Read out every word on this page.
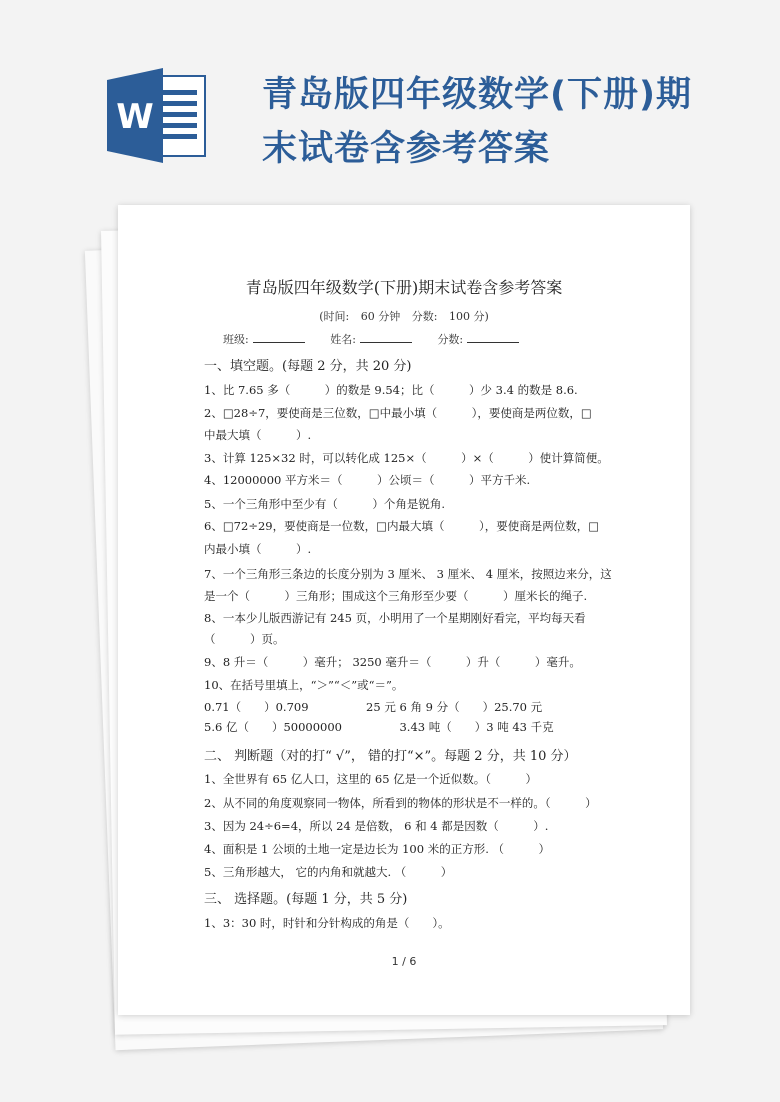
W
青岛版四年级数学(下册)期
末试卷含参考答案
青岛版四年级数学(下册)期末试卷含参考答案
(时间: 60 分钟 分数: 100 分)
班级:	姓名:	分数:
一、填空题。(每题 2 分，共 20 分)
1、比 7.65 多（　　　）的数是 9.54；比（　　　）少 3.4 的数是 8.6.
2、□28÷7，要使商是三位数，□中最小填（　　　），要使商是两位数，□
中最大填（　　　）.
3、计算 125×32 时，可以转化成 125×（　　　）×（　　　）使计算简便。
4、12000000 平方米＝（　　　）公顷＝（　　　）平方千米.
5、一个三角形中至少有（　　　）个角是锐角.
6、□72÷29，要使商是一位数，□内最大填（　　　），要使商是两位数，□
内最小填（　　　）.
7、一个三角形三条边的长度分别为 3 厘米、 3 厘米、 4 厘米，按照边来分，这
是一个（　　　）三角形；围成这个三角形至少要（　　　）厘米长的绳子.
8、一本少儿版西游记有 245 页，小明用了一个星期刚好看完，平均每天看
（　　　）页。
9、8 升＝（　　　）毫升； 3250 毫升＝（　　　）升（　　　）毫升。
10、在括号里填上，“＞”“＜”或“＝”。
0.71（　　）0.709　　　　　25 元 6 角 9 分（　　）25.70 元
5.6 亿（　　）50000000　　　　　3.43 吨（　　）3 吨 43 千克
二、 判断题（对的打“ √”， 错的打“×”。每题 2 分，共 10 分）
1、全世界有 65 亿人口，这里的 65 亿是一个近似数。（　　　）
2、从不同的角度观察同一物体，所看到的物体的形状是不一样的。（　　　）
3、因为 24÷6=4，所以 24 是倍数， 6 和 4 都是因数（　　　）.
4、面积是 1 公顷的土地一定是边长为 100 米的正方形. （　　　）
5、三角形越大， 它的内角和就越大. （　　　）
三、 选择题。(每题 1 分，共 5 分)
1、3：30 时，时针和分针构成的角是（　　）。
1 / 6
